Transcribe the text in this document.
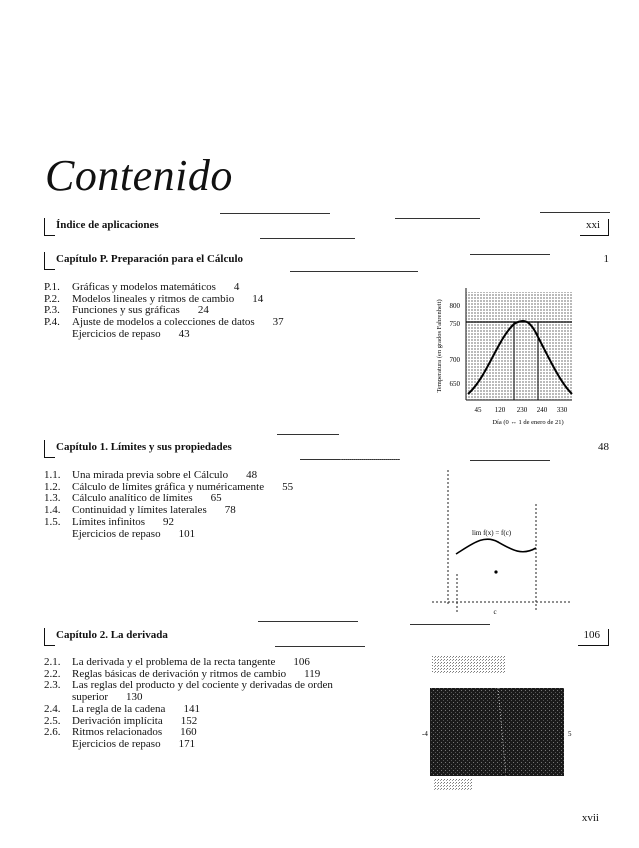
Contenido
Índice de aplicaciones	xxi
Capítulo P. Preparación para el Cálculo	1
P.1. Gráficas y modelos matemáticos 4
P.2. Modelos lineales y ritmos de cambio 14
P.3. Funciones y sus gráficas 24
P.4. Ajuste de modelos a colecciones de datos 37
Ejercicios de repaso 43
800
750
700
650
45 120 230 240 330
Día (0 ↔ 1 de enero de 21)
Temperatura (en grados Fahrenheit)
Capítulo 1. Límites y sus propiedades	48
1.1. Una mirada previa sobre el Cálculo 48
1.2. Cálculo de límites gráfica y numéricamente 55
1.3. Cálculo analítico de límites 65
1.4. Continuidad y límites laterales 78
1.5. Límites infinitos 92
Ejercicios de repaso 101	lim f(x) = f(c)
c
Capítulo 2. La derivada	106
2.1. La derivada y el problema de la recta tangente 106
2.2. Reglas básicas de derivación y ritmos de cambio 119
2.3. Las reglas del producto y del cociente y derivadas de orden superior 130
2.4. La regla de la cadena 141
2.5. Derivación implícita 152
2.6. Ritmos relacionados 160
Ejercicios de repaso 171
-4	5
-4
xvii
